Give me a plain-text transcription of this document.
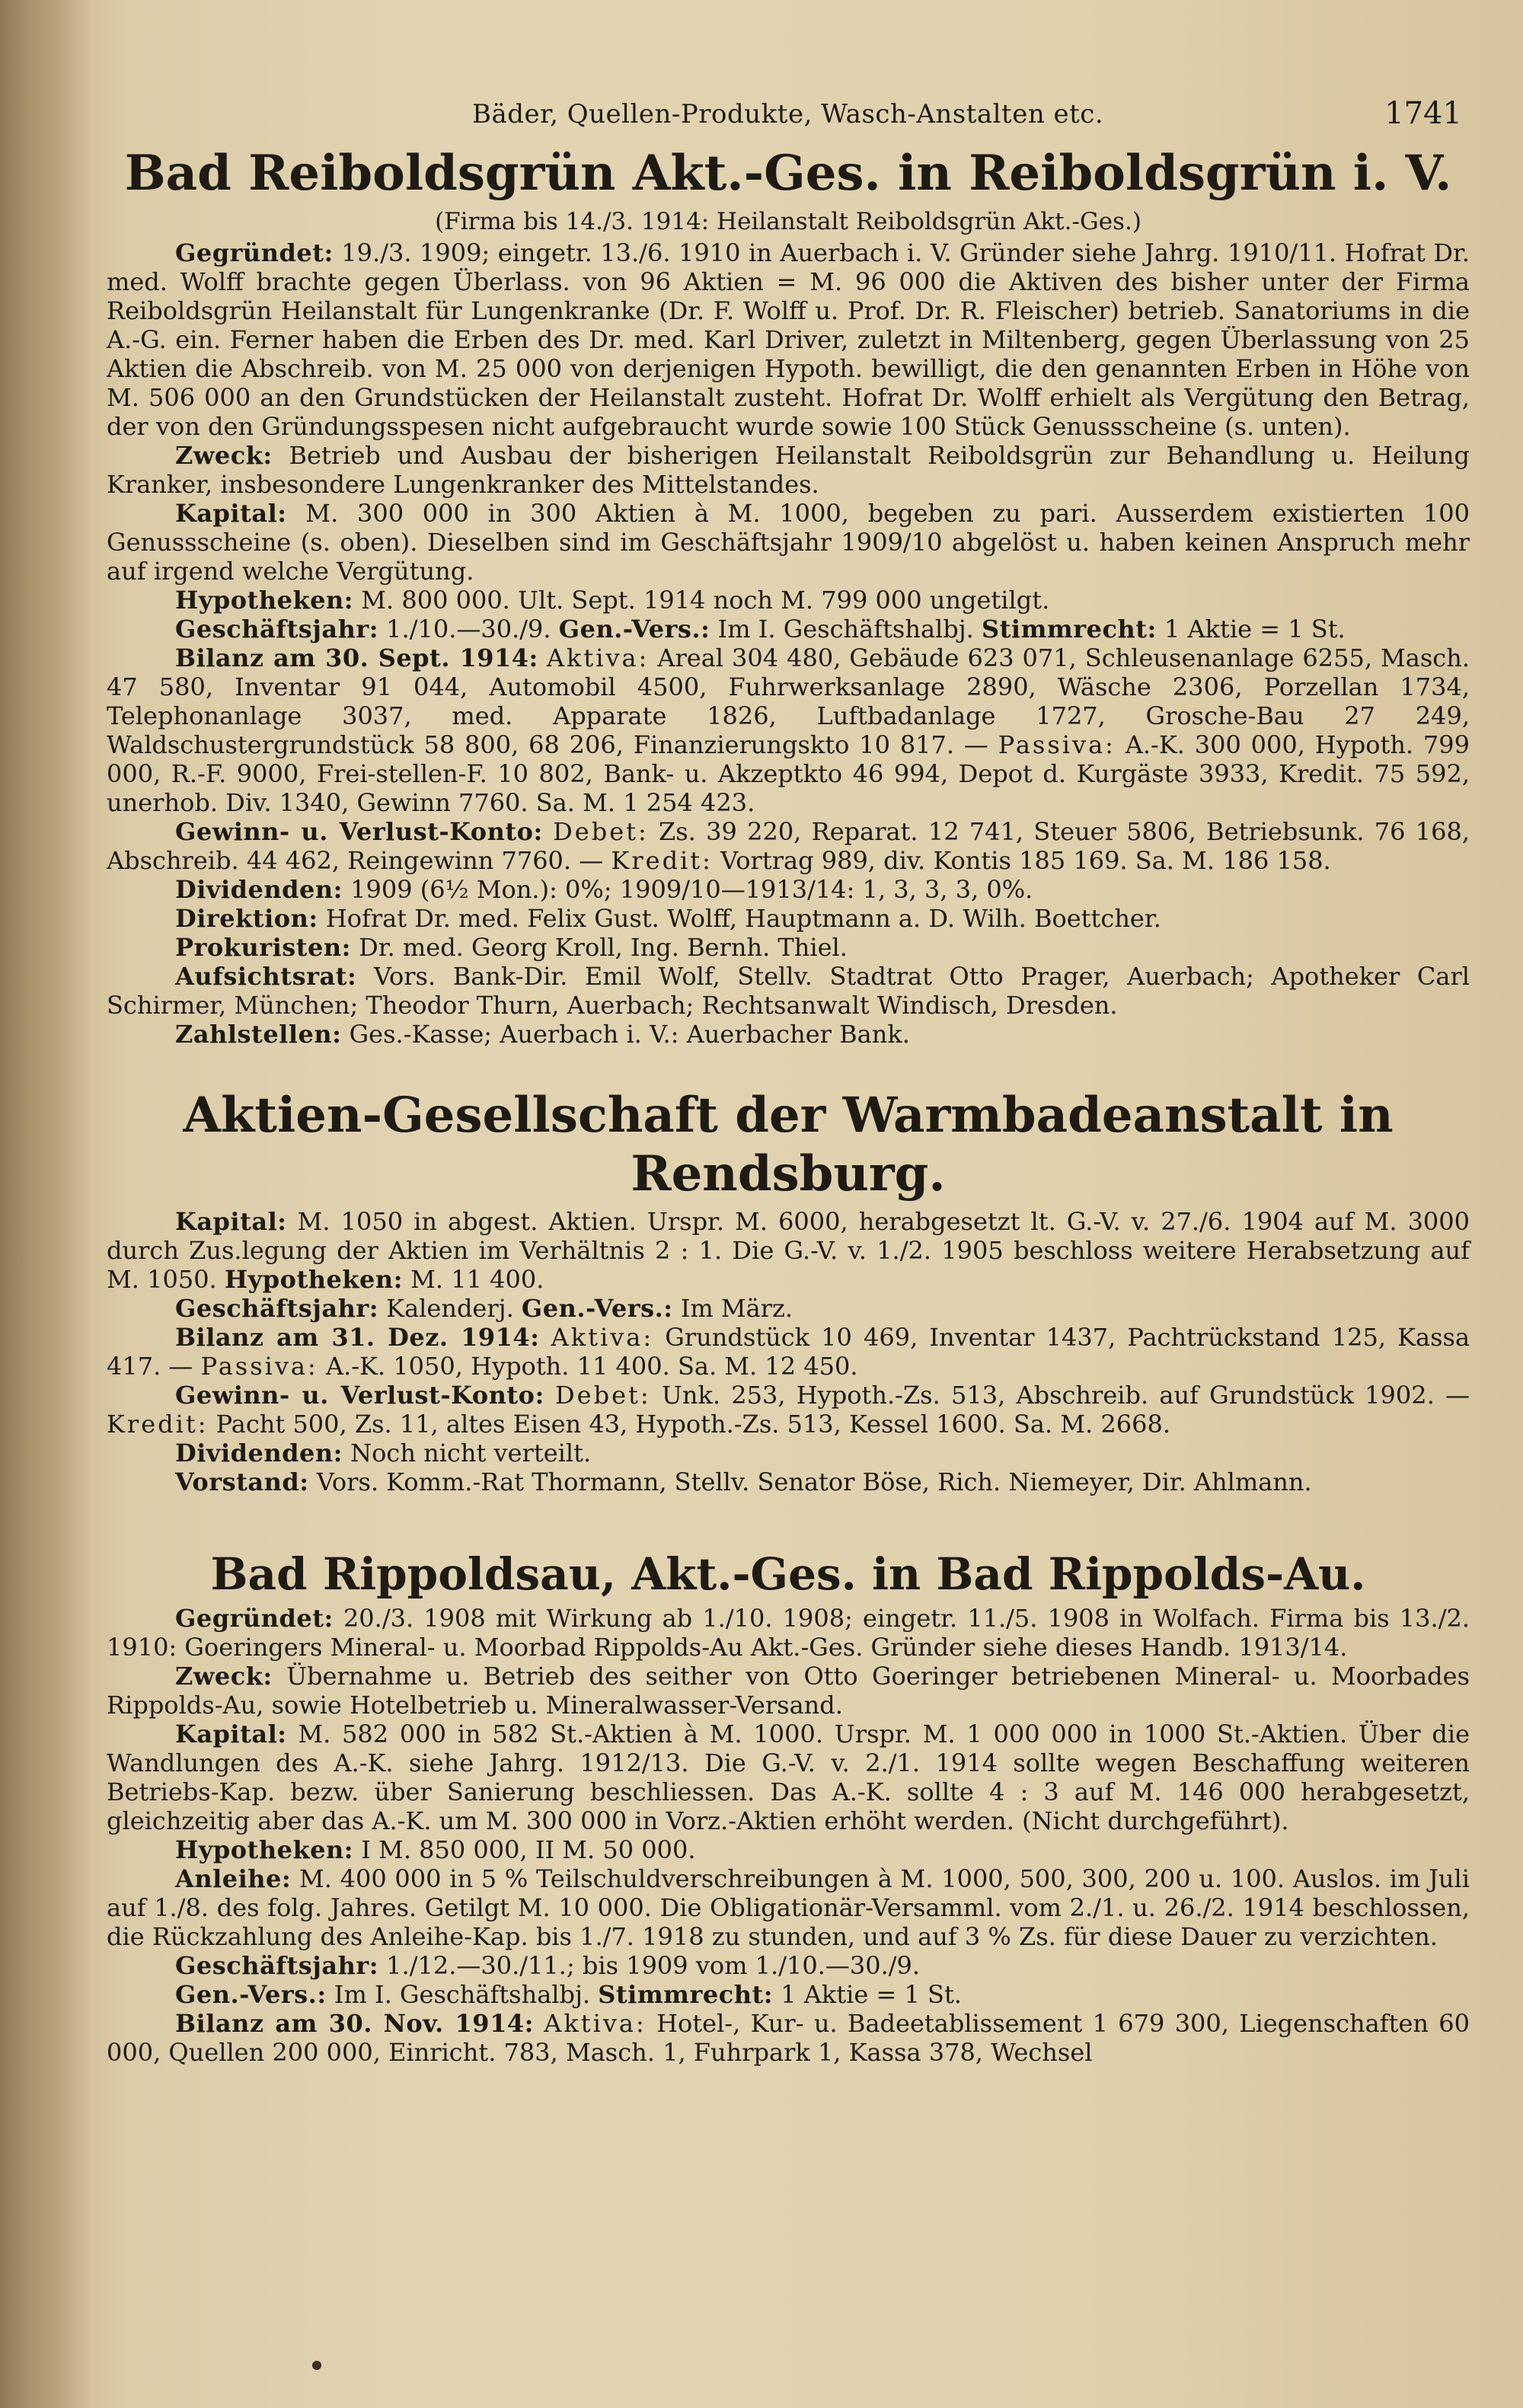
Bäder, Quellen-Produkte, Wasch-Anstalten etc.	1741
Bad Reiboldsgrün Akt.-Ges. in Reiboldsgrün i. V.
(Firma bis 14./3. 1914: Heilanstalt Reiboldsgrün Akt.-Ges.)

Gegründet: 19./3. 1909; eingetr. 13./6. 1910 in Auerbach i. V. Gründer siehe Jahrg. 1910/11. Hofrat Dr. med. Wolff brachte gegen Überlass. von 96 Aktien = M. 96 000 die Aktiven des bisher unter der Firma Reiboldsgrün Heilanstalt für Lungenkranke (Dr. F. Wolff u. Prof. Dr. R. Fleischer) betrieb. Sanatoriums in die A.-G. ein. Ferner haben die Erben des Dr. med. Karl Driver, zuletzt in Miltenberg, gegen Überlassung von 25 Aktien die Abschreib. von M. 25 000 von derjenigen Hypoth. bewilligt, die den genannten Erben in Höhe von M. 506 000 an den Grundstücken der Heilanstalt zusteht. Hofrat Dr. Wolff erhielt als Vergütung den Betrag, der von den Gründungsspesen nicht aufgebraucht wurde sowie 100 Stück Genussscheine (s. unten).

Zweck: Betrieb und Ausbau der bisherigen Heilanstalt Reiboldsgrün zur Behandlung u. Heilung Kranker, insbesondere Lungenkranker des Mittelstandes.

Kapital: M. 300 000 in 300 Aktien à M. 1000, begeben zu pari. Ausserdem existierten 100 Genussscheine (s. oben). Dieselben sind im Geschäftsjahr 1909/10 abgelöst u. haben keinen Anspruch mehr auf irgend welche Vergütung.

Hypotheken: M. 800 000. Ult. Sept. 1914 noch M. 799 000 ungetilgt.

Geschäftsjahr: 1./10.—30./9. Gen.-Vers.: Im I. Geschäftshalbj. Stimmrecht: 1 Aktie = 1 St.

Bilanz am 30. Sept. 1914: Aktiva: Areal 304 480, Gebäude 623 071, Schleusenanlage 6255, Masch. 47 580, Inventar 91 044, Automobil 4500, Fuhrwerksanlage 2890, Wäsche 2306, Porzellan 1734, Telephonanlage 3037, med. Apparate 1826, Luftbadanlage 1727, Grosche-Bau 27 249, Waldschustergrundstück 58 800, 68 206, Finanzierungskto 10 817. — Passiva: A.-K. 300 000, Hypoth. 799 000, R.-F. 9000, Frei-stellen-F. 10 802, Bank- u. Akzeptkto 46 994, Depot d. Kurgäste 3933, Kredit. 75 592, unerhob. Div. 1340, Gewinn 7760. Sa. M. 1 254 423.

Gewinn- u. Verlust-Konto: Debet: Zs. 39 220, Reparat. 12 741, Steuer 5806, Betriebsunk. 76 168, Abschreib. 44 462, Reingewinn 7760. — Kredit: Vortrag 989, div. Kontis 185 169. Sa. M. 186 158.

Dividenden: 1909 (6½ Mon.): 0%; 1909/10—1913/14: 1, 3, 3, 3, 0%.

Direktion: Hofrat Dr. med. Felix Gust. Wolff, Hauptmann a. D. Wilh. Boettcher.

Prokuristen: Dr. med. Georg Kroll, Ing. Bernh. Thiel.

Aufsichtsrat: Vors. Bank-Dir. Emil Wolf, Stellv. Stadtrat Otto Prager, Auerbach; Apotheker Carl Schirmer, München; Theodor Thurn, Auerbach; Rechtsanwalt Windisch, Dresden.

Zahlstellen: Ges.-Kasse; Auerbach i. V.: Auerbacher Bank.

Aktien-Gesellschaft der Warmbadeanstalt in Rendsburg.

Kapital: M. 1050 in abgest. Aktien. Urspr. M. 6000, herabgesetzt lt. G.-V. v. 27./6. 1904 auf M. 3000 durch Zus.legung der Aktien im Verhältnis 2 : 1. Die G.-V. v. 1./2. 1905 beschloss weitere Herabsetzung auf M. 1050. Hypotheken: M. 11 400.

Geschäftsjahr: Kalenderj. Gen.-Vers.: Im März.

Bilanz am 31. Dez. 1914: Aktiva: Grundstück 10 469, Inventar 1437, Pachtrückstand 125, Kassa 417. — Passiva: A.-K. 1050, Hypoth. 11 400. Sa. M. 12 450.

Gewinn- u. Verlust-Konto: Debet: Unk. 253, Hypoth.-Zs. 513, Abschreib. auf Grundstück 1902. — Kredit: Pacht 500, Zs. 11, altes Eisen 43, Hypoth.-Zs. 513, Kessel 1600. Sa. M. 2668.

Dividenden: Noch nicht verteilt.

Vorstand: Vors. Komm.-Rat Thormann, Stellv. Senator Böse, Rich. Niemeyer, Dir. Ahlmann.

Bad Rippoldsau, Akt.-Ges. in Bad Rippolds-Au.

Gegründet: 20./3. 1908 mit Wirkung ab 1./10. 1908; eingetr. 11./5. 1908 in Wolfach. Firma bis 13./2. 1910: Goeringers Mineral- u. Moorbad Rippolds-Au Akt.-Ges. Gründer siehe dieses Handb. 1913/14.

Zweck: Übernahme u. Betrieb des seither von Otto Goeringer betriebenen Mineral- u. Moorbades Rippolds-Au, sowie Hotelbetrieb u. Mineralwasser-Versand.

Kapital: M. 582 000 in 582 St.-Aktien à M. 1000. Urspr. M. 1 000 000 in 1000 St.-Aktien. Über die Wandlungen des A.-K. siehe Jahrg. 1912/13. Die G.-V. v. 2./1. 1914 sollte wegen Beschaffung weiteren Betriebs-Kap. bezw. über Sanierung beschliessen. Das A.-K. sollte 4 : 3 auf M. 146 000 herabgesetzt, gleichzeitig aber das A.-K. um M. 300 000 in Vorz.-Aktien erhöht werden. (Nicht durchgeführt).

Hypotheken: I M. 850 000, II M. 50 000.

Anleihe: M. 400 000 in 5 % Teilschuldverschreibungen à M. 1000, 500, 300, 200 u. 100. Auslos. im Juli auf 1./8. des folg. Jahres. Getilgt M. 10 000. Die Obligationär-Versamml. vom 2./1. u. 26./2. 1914 beschlossen, die Rückzahlung des Anleihe-Kap. bis 1./7. 1918 zu stunden, und auf 3 % Zs. für diese Dauer zu verzichten.

Geschäftsjahr: 1./12.—30./11.; bis 1909 vom 1./10.—30./9.

Gen.-Vers.: Im I. Geschäftshalbj. Stimmrecht: 1 Aktie = 1 St.

Bilanz am 30. Nov. 1914: Aktiva: Hotel-, Kur- u. Badeetablissement 1 679 300, Liegenschaften 60 000, Quellen 200 000, Einricht. 783, Masch. 1, Fuhrpark 1, Kassa 378, Wechsel
